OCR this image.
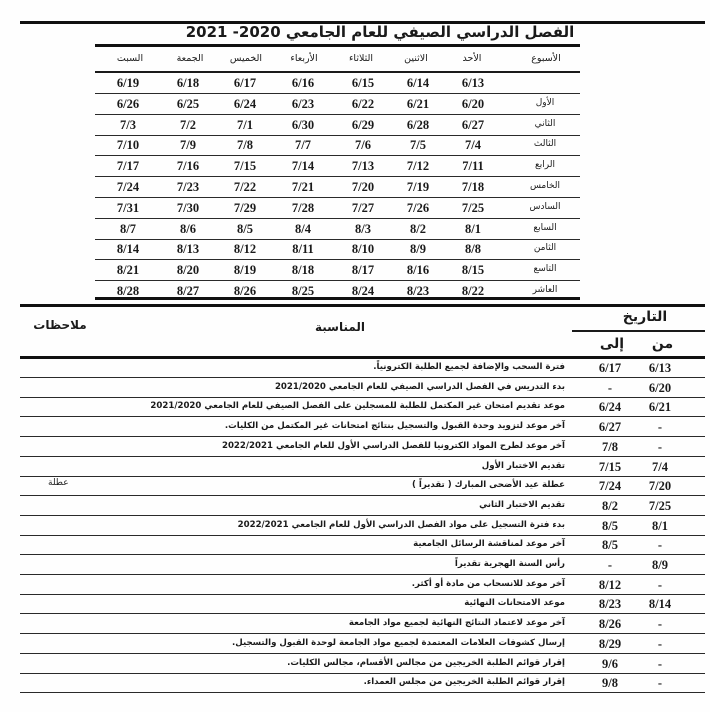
الفصل الدراسي الصيفي للعام الجامعي 2020- 2021
الأسبوع
الأحد
الاثنين
الثلاثاء
الأربعاء
الخميس
الجمعة
السبت
6/13
6/14
6/15
6/16
6/17
6/18
6/19
الأول
6/20
6/21
6/22
6/23
6/24
6/25
6/26
الثاني
6/27
6/28
6/29
6/30
7/1
7/2
7/3
الثالث
7/4
7/5
7/6
7/7
7/8
7/9
7/10
الرابع
7/11
7/12
7/13
7/14
7/15
7/16
7/17
الخامس
7/18
7/19
7/20
7/21
7/22
7/23
7/24
السادس
7/25
7/26
7/27
7/28
7/29
7/30
7/31
السابع
8/1
8/2
8/3
8/4
8/5
8/6
8/7
الثامن
8/8
8/9
8/10
8/11
8/12
8/13
8/14
التاسع
8/15
8/16
8/17
8/18
8/19
8/20
8/21
العاشر
8/22
8/23
8/24
8/25
8/26
8/27
8/28
التاريخ
من
إلى
المناسبة
ملاحظات
6/13
6/17
فترة السحب والإضافة لجميع الطلبة الكترونياً.
6/20
-
بدء التدريس في الفصل الدراسي الصيفي للعام الجامعي 2021/2020
6/21
6/24
موعد تقديم امتحان غير المكتمل للطلبة للمسجلين على الفصل الصيفي للعام الجامعي 2021/2020
-
6/27
آخر موعد لتزويد وحدة القبول والتسجيل بنتائج امتحانات غير المكتمل من الكليات.
-
7/8
آخر موعد لطرح المواد الكترونيا للفصل الدراسي الأول للعام الجامعي 2022/2021
7/4
7/15
تقديم الاختبار الأول
7/20
7/24
عطلة عيد الأضحى المبارك ( تقديراً )
عطلة
7/25
8/2
تقديم الاختبار الثاني
8/1
8/5
بدء فترة التسجيل على مواد الفصل الدراسي الأول للعام الجامعي 2022/2021
-
8/5
آخر موعد لمناقشة الرسائل الجامعية
8/9
-
رأس السنة الهجرية تقديراً
-
8/12
آخر موعد للانسحاب من مادة أو أكثر.
8/14
8/23
موعد الامتحانات النهائية
-
8/26
آخر موعد لاعتماد النتائج النهائية لجميع مواد الجامعة
-
8/29
إرسال كشوفات العلامات المعتمدة لجميع مواد الجامعة لوحدة القبول والتسجيل.
-
9/6
إقرار قوائم الطلبة الخريجين من مجالس الأقسام، مجالس الكليات.
-
9/8
إقرار قوائم الطلبة الخريجين من مجلس العمداء.
